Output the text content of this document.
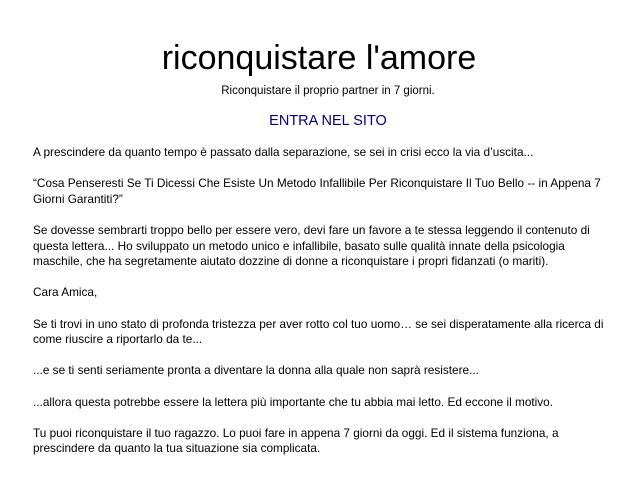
riconquistare l'amore
Riconquistare il proprio partner in 7 giorni.
ENTRA NEL SITO

A prescindere da quanto tempo è passato dalla separazione, se sei in crisi ecco la via d’uscita...

“Cosa Penseresti Se Ti Dicessi Che Esiste Un Metodo Infallibile Per Riconquistare Il Tuo Bello -- in Appena 7 Giorni Garantiti?”

Se dovesse sembrarti troppo bello per essere vero, devi fare un favore a te stessa leggendo il contenuto di questa lettera... Ho sviluppato un metodo unico e infallibile, basato sulle qualità innate della psicologia maschile, che ha segretamente aiutato dozzine di donne a riconquistare i propri fidanzati (o mariti).

Cara Amica,

Se ti trovi in uno stato di profonda tristezza per aver rotto col tuo uomo… se sei disperatamente alla ricerca di come riuscire a riportarlo da te...

...e se ti senti seriamente pronta a diventare la donna alla quale non saprà resistere...

...allora questa potrebbe essere la lettera più importante che tu abbia mai letto. Ed eccone il motivo.

Tu puoi riconquistare il tuo ragazzo. Lo puoi fare in appena 7 giorni da oggi. Ed il sistema funziona, a prescindere da quanto la tua situazione sia complicata.
